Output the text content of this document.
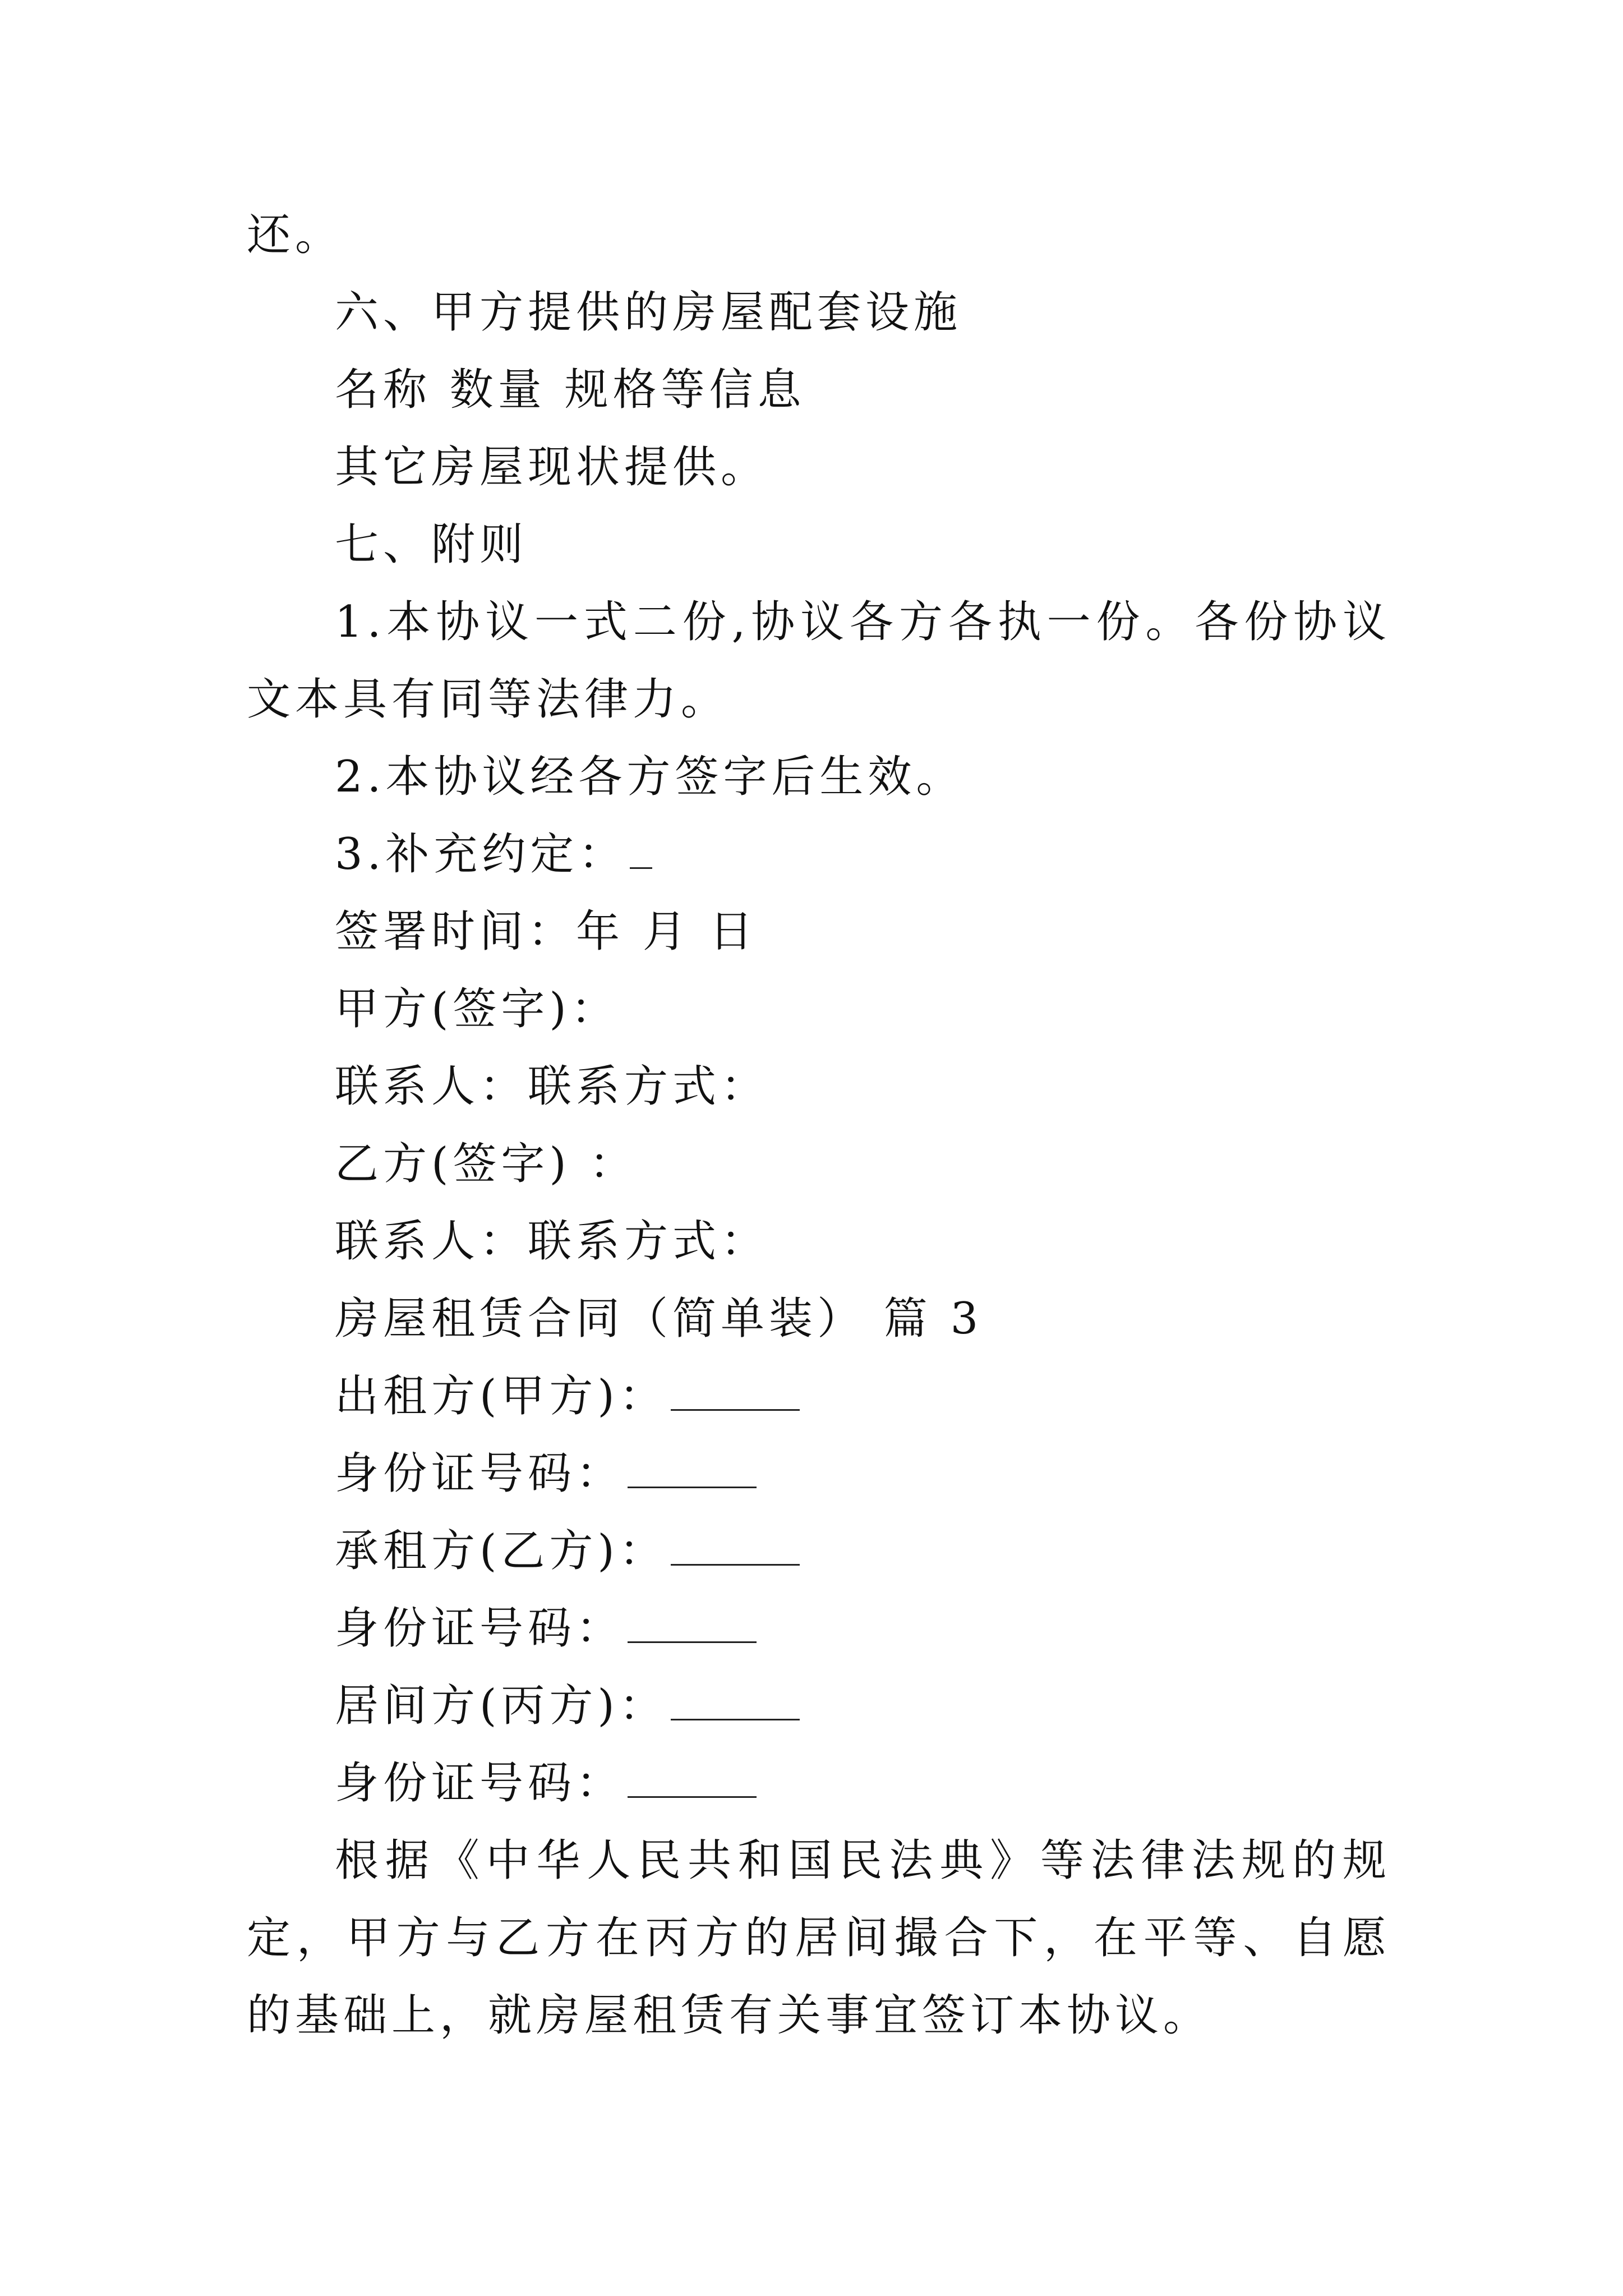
还。
六、甲方提供的房屋配套设施
名称 数量 规格等信息
其它房屋现状提供。
七、附则
1.本协议一式二份,协议各方各执一份。各份协议文本具有同等法律力。
2.本协议经各方签字后生效。
3.补充约定：
签署时间：年 月 日
甲方(签字)：
联系人：联系方式：
乙方(签字) ：
联系人：联系方式：
房屋租赁合同（简单装） 篇 3
出租方(甲方)：
身份证号码：
承租方(乙方)：
身份证号码：
居间方(丙方)：
身份证号码：
根据《中华人民共和国民法典》等法律法规的规定，甲方与乙方在丙方的居间撮合下，在平等、自愿的基础上，就房屋租赁有关事宜签订本协议。
